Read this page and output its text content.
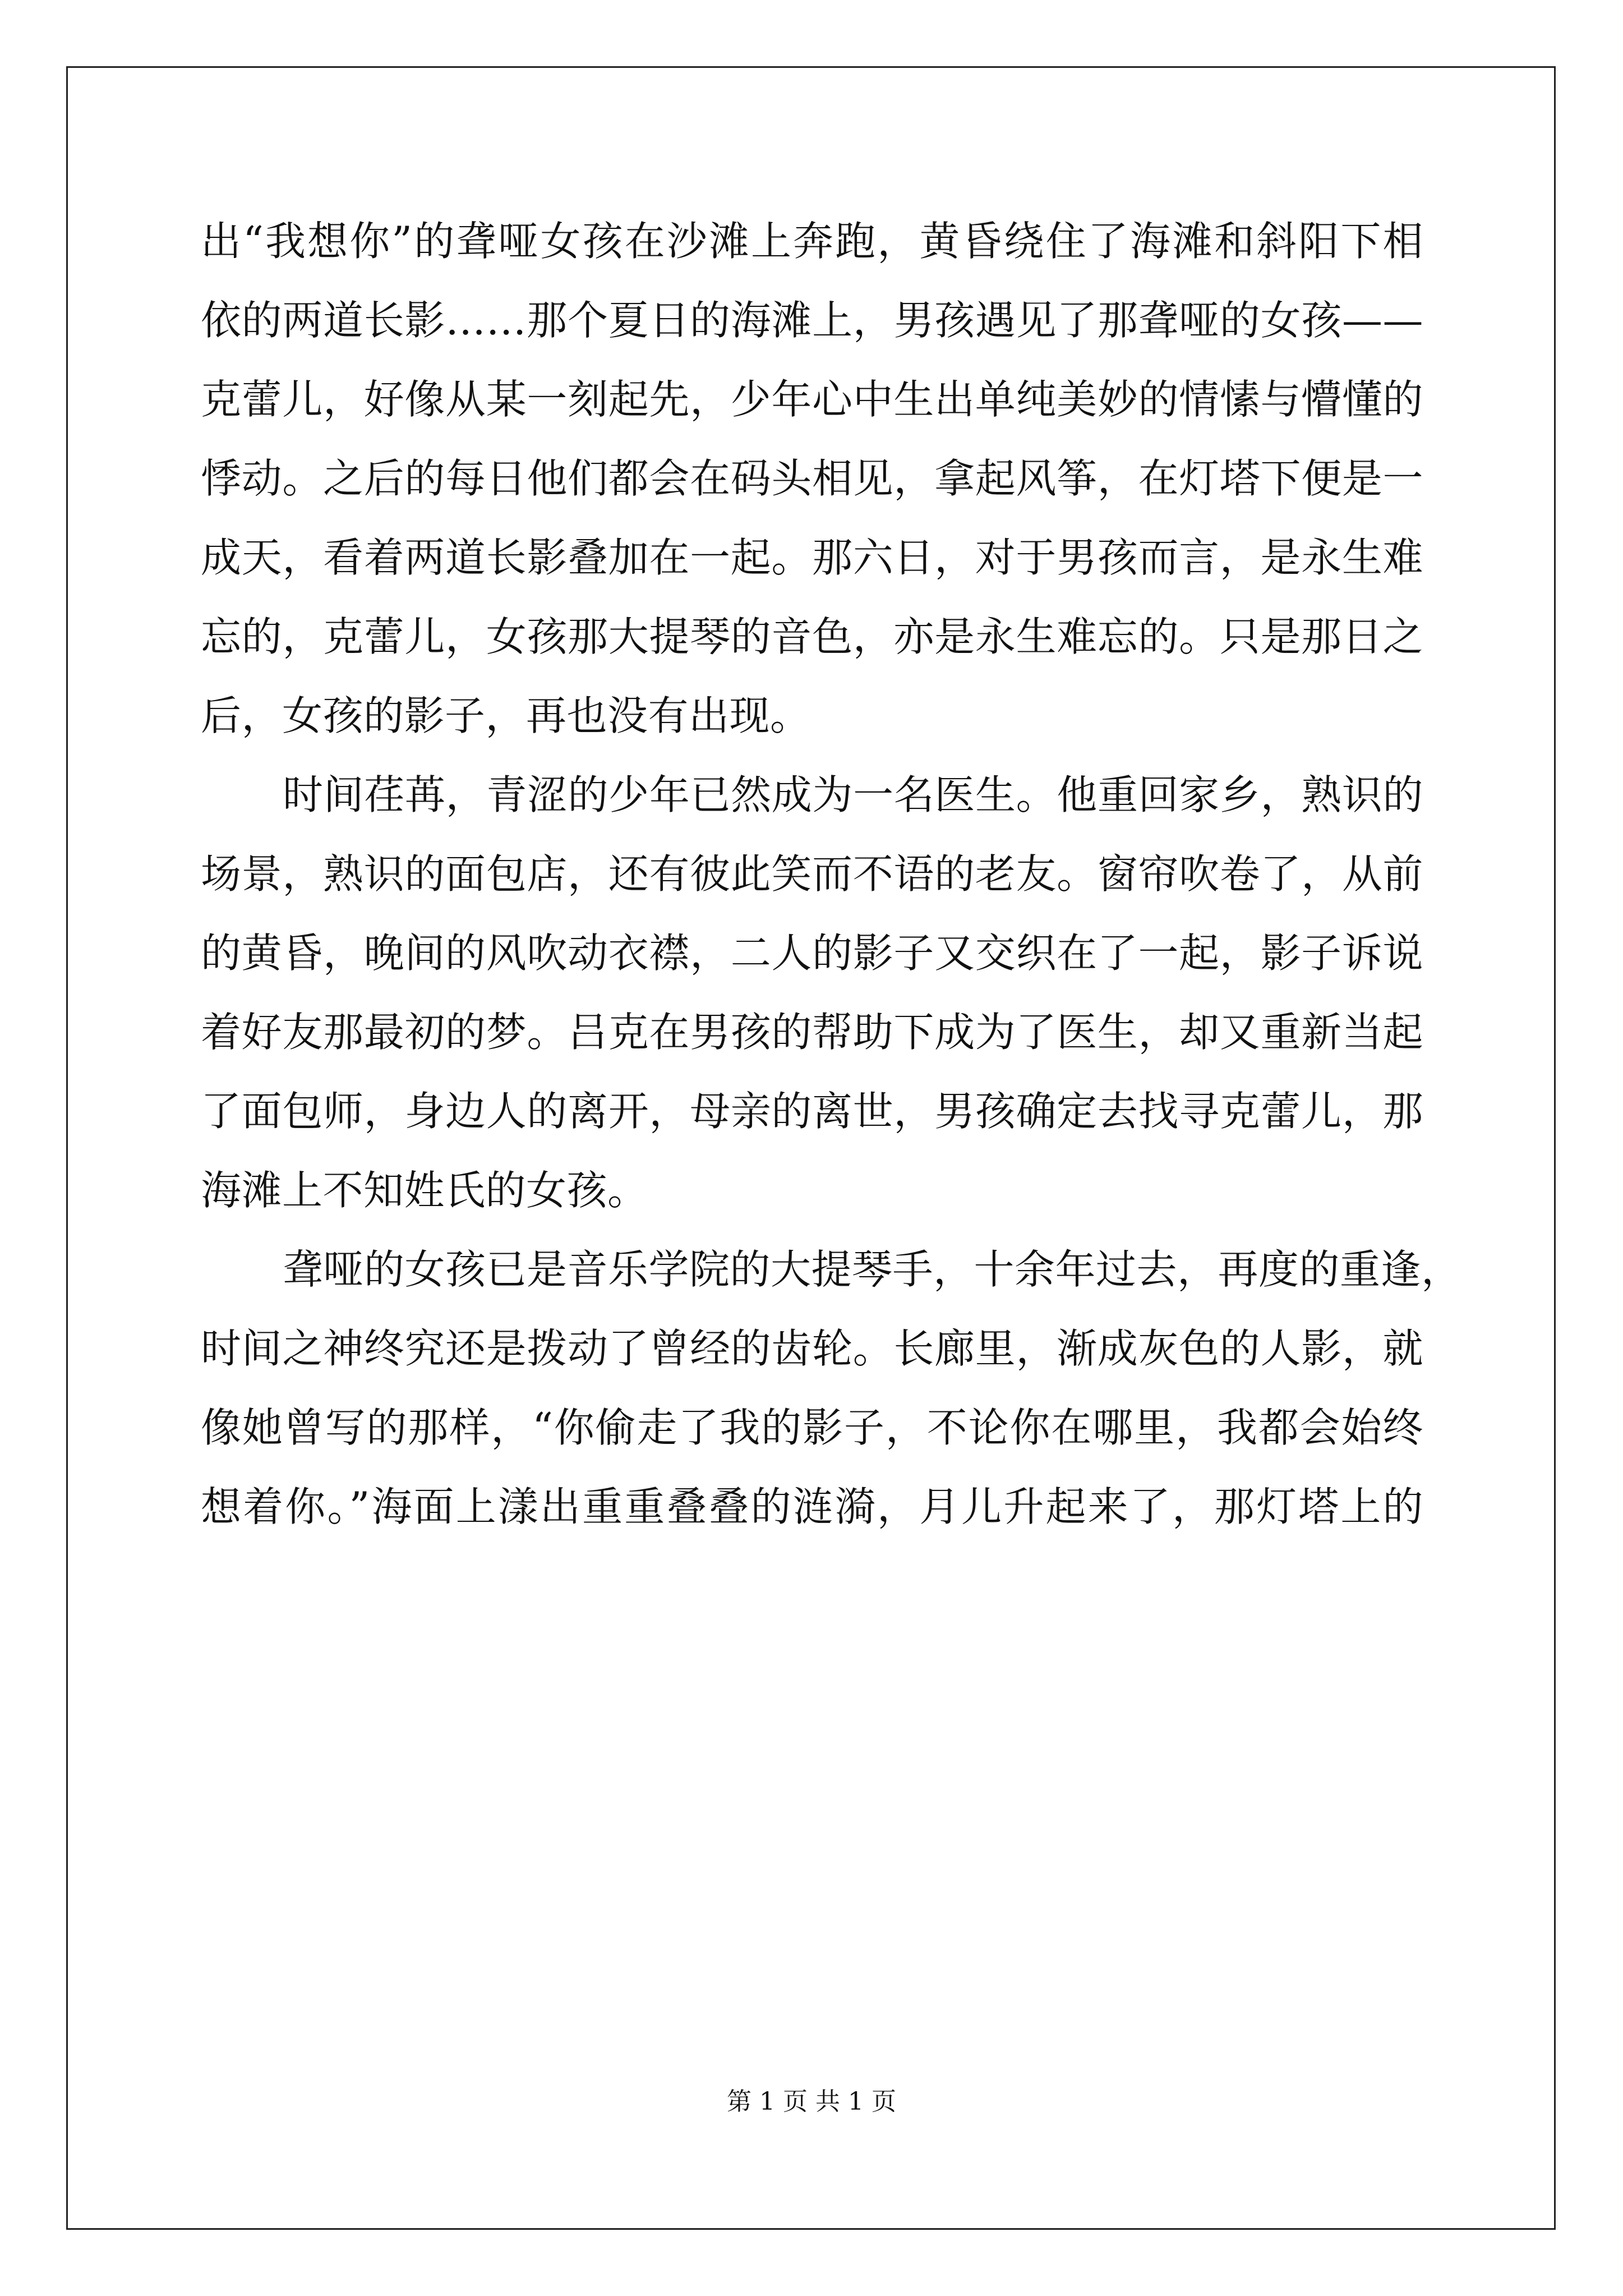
出“我想你”的聋哑女孩在沙滩上奔跑，黄昏绕住了海滩和斜阳下相
依的两道长影……那个夏日的海滩上，男孩遇见了那聋哑的女孩——
克蕾儿，好像从某一刻起先，少年心中生出单纯美妙的情愫与懵懂的
悸动。之后的每日他们都会在码头相见，拿起风筝，在灯塔下便是一
成天，看着两道长影叠加在一起。那六日，对于男孩而言，是永生难
忘的，克蕾儿，女孩那大提琴的音色，亦是永生难忘的。只是那日之
后，女孩的影子，再也没有出现。
时间荏苒，青涩的少年已然成为一名医生。他重回家乡，熟识的
场景，熟识的面包店，还有彼此笑而不语的老友。窗帘吹卷了，从前
的黄昏，晚间的风吹动衣襟，二人的影子又交织在了一起，影子诉说
着好友那最初的梦。吕克在男孩的帮助下成为了医生，却又重新当起
了面包师，身边人的离开，母亲的离世，男孩确定去找寻克蕾儿，那
海滩上不知姓氏的女孩。
聋哑的女孩已是音乐学院的大提琴手，十余年过去，再度的重逢，
时间之神终究还是拨动了曾经的齿轮。长廊里，渐成灰色的人影，就
像她曾写的那样，“你偷走了我的影子，不论你在哪里，我都会始终
想着你。”海面上漾出重重叠叠的涟漪，月儿升起来了，那灯塔上的
第 1 页 共 1 页
